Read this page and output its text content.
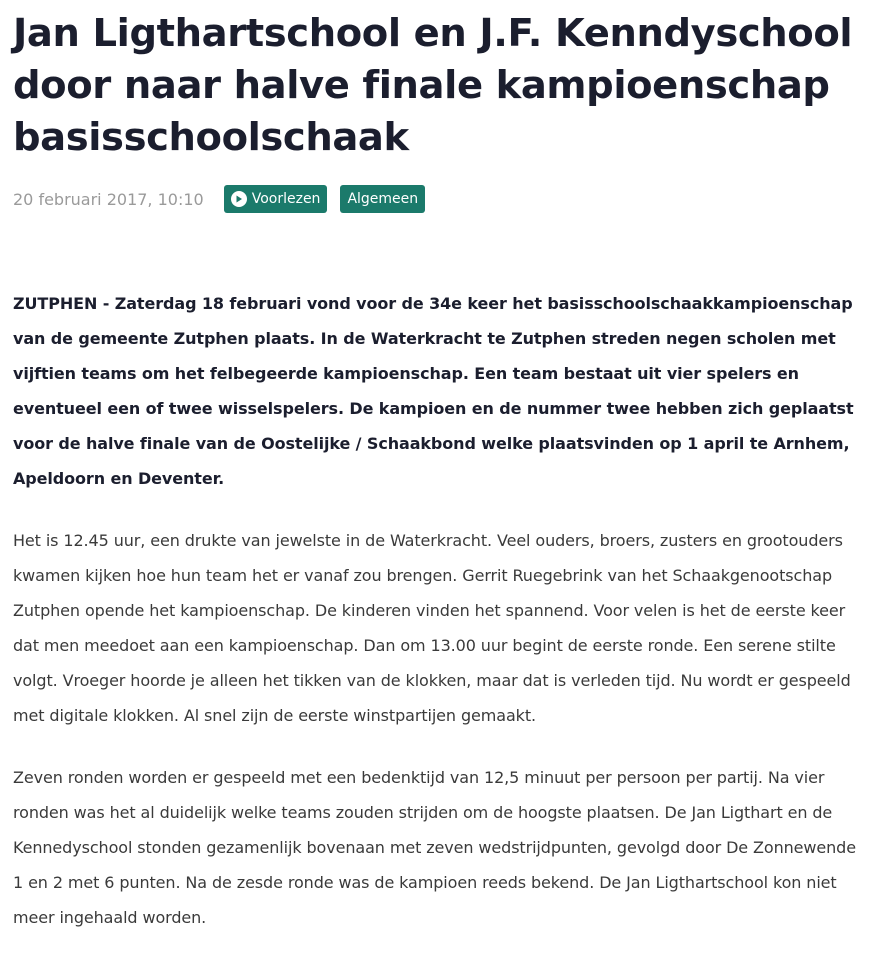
Jan Ligthartschool en J.F. Kenndyschool door naar halve finale kampioenschap basisschoolschaak
20 februari 2017, 10:10	Voorlezen Algemeen

ZUTPHEN - Zaterdag 18 februari vond voor de 34e keer het basisschoolschaakkampioenschap van de gemeente Zutphen plaats. In de Waterkracht te Zutphen streden negen scholen met vijftien teams om het felbegeerde kampioenschap. Een team bestaat uit vier spelers en eventueel een of twee wisselspelers. De kampioen en de nummer twee hebben zich geplaatst voor de halve finale van de Oostelijke / Schaakbond welke plaatsvinden op 1 april te Arnhem, Apeldoorn en Deventer.

Het is 12.45 uur, een drukte van jewelste in de Waterkracht. Veel ouders, broers, zusters en grootouders kwamen kijken hoe hun team het er vanaf zou brengen. Gerrit Ruegebrink van het Schaakgenootschap Zutphen opende het kampioenschap. De kinderen vinden het spannend. Voor velen is het de eerste keer dat men meedoet aan een kampioenschap. Dan om 13.00 uur begint de eerste ronde. Een serene stilte volgt. Vroeger hoorde je alleen het tikken van de klokken, maar dat is verleden tijd. Nu wordt er gespeeld met digitale klokken. Al snel zijn de eerste winstpartijen gemaakt.

Zeven ronden worden er gespeeld met een bedenktijd van 12,5 minuut per persoon per partij. Na vier ronden was het al duidelijk welke teams zouden strijden om de hoogste plaatsen. De Jan Ligthart en de Kennedyschool stonden gezamenlijk bovenaan met zeven wedstrijdpunten, gevolgd door De Zonnewende 1 en 2 met 6 punten. Na de zesde ronde was de kampioen reeds bekend. De Jan Ligthartschool kon niet meer ingehaald worden.
